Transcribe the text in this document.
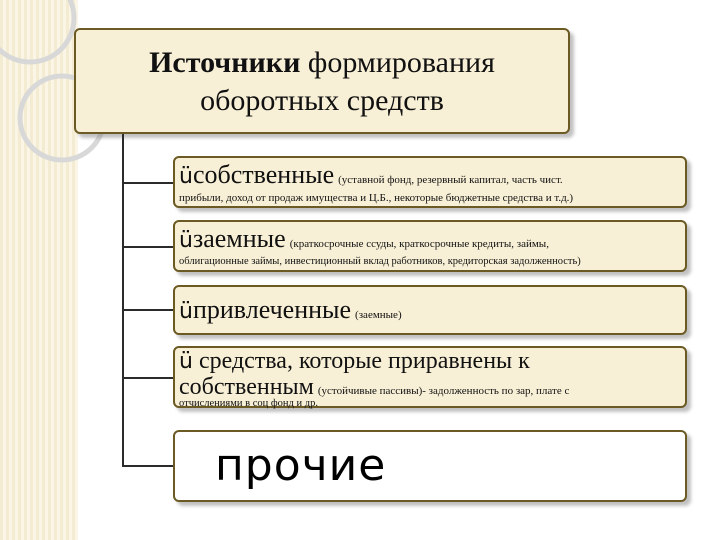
Источники формирования
оборотных средств
üсобственные (уставной фонд, резервный капитал, часть чист.
прибыли, доход от продаж имущества и Ц.Б., некоторые бюджетные средства и т.д.)
üзаемные (краткосрочные ссуды, краткосрочные кредиты, займы,
облигационные займы, инвестиционный вклад работников, кредиторская задолженность)
üпривлеченные (заемные)
ü средства, которые приравнены к
собственным (устойчивые пассивы)- задолженность по зар, плате с
отчислениями в соц фонд и др.
прочие
